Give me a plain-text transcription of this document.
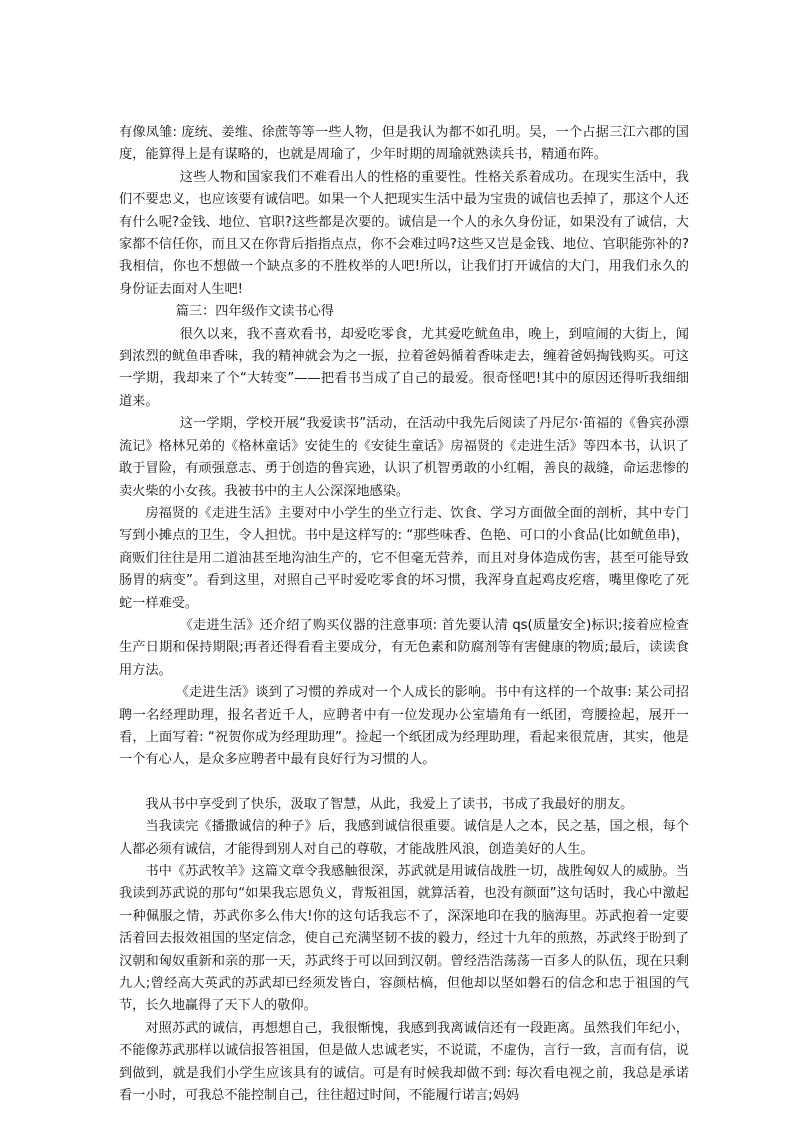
有像凤雏: 庞统、姜维、徐蔗等等一些人物，但是我认为都不如孔明。吴，一个占据三江六郡的国度，能算得上是有谋略的，也就是周瑜了，少年时期的周瑜就熟读兵书，精通布阵。

这些人物和国家我们不难看出人的性格的重要性。性格关系着成功。在现实生活中，我们不要忠义，也应该要有诚信吧。如果一个人把现实生活中最为宝贵的诚信也丢掉了，那这个人还有什么呢?金钱、地位、官职?这些都是次要的。诚信是一个人的永久身份证，如果没有了诚信，大家都不信任你，而且又在你背后指指点点，你不会难过吗?这些又岂是金钱、地位、官职能弥补的?我相信，你也不想做一个缺点多的不胜枚举的人吧!所以，让我们打开诚信的大门，用我们永久的身份证去面对人生吧!

篇三：四年级作文读书心得

很久以来，我不喜欢看书，却爱吃零食，尤其爱吃鱿鱼串，晚上，到喧闹的大街上，闻到浓烈的鱿鱼串香味，我的精神就会为之一振，拉着爸妈循着香味走去，缠着爸妈掏钱购买。可这一学期，我却来了个“大转变”——把看书当成了自己的最爱。很奇怪吧!其中的原因还得听我细细道来。

这一学期，学校开展“我爱读书”活动，在活动中我先后阅读了丹尼尔·笛福的《鲁宾孙漂流记》格林兄弟的《格林童话》安徒生的《安徒生童话》房福贤的《走进生活》等四本书，认识了敢于冒险，有顽强意志、勇于创造的鲁宾逊，认识了机智勇敢的小红帽，善良的裁缝，命运悲惨的卖火柴的小女孩。我被书中的主人公深深地感染。

房福贤的《走进生活》主要对中小学生的坐立行走、饮食、学习方面做全面的剖析，其中专门写到小摊点的卫生，令人担忧。书中是这样写的: “那些味香、色艳、可口的小食品(比如鱿鱼串)，商贩们往往是用二道油甚至地沟油生产的，它不但毫无营养，而且对身体造成伤害，甚至可能导致肠胃的病变”。看到这里，对照自己平时爱吃零食的坏习惯，我浑身直起鸡皮疙瘩，嘴里像吃了死蛇一样难受。

《走进生活》还介绍了购买仪器的注意事项: 首先要认清 qs(质量安全)标识;接着应检查生产日期和保持期限;再者还得看看主要成分，有无色素和防腐剂等有害健康的物质;最后，读读食用方法。

《走进生活》谈到了习惯的养成对一个人成长的影响。书中有这样的一个故事: 某公司招聘一名经理助理，报名者近千人，应聘者中有一位发现办公室墙角有一纸团，弯腰捡起，展开一看，上面写着: “祝贺你成为经理助理”。捡起一个纸团成为经理助理，看起来很荒唐，其实，他是一个有心人，是众多应聘者中最有良好行为习惯的人。

我从书中享受到了快乐，汲取了智慧，从此，我爱上了读书，书成了我最好的朋友。

当我读完《播撒诚信的种子》后，我感到诚信很重要。诚信是人之本，民之基，国之根，每个人都必须有诚信，才能得到别人对自己的尊敬，才能战胜风浪，创造美好的人生。

书中《苏武牧羊》这篇文章令我感触很深，苏武就是用诚信战胜一切，战胜匈奴人的威胁。当我读到苏武说的那句“如果我忘恩负义，背叛祖国，就算活着，也没有颜面”这句话时，我心中激起一种佩服之情，苏武你多么伟大!你的这句话我忘不了，深深地印在我的脑海里。苏武抱着一定要活着回去报效祖国的坚定信念，使自己充满坚韧不拔的毅力，经过十九年的煎熬，苏武终于盼到了汉朝和匈奴重新和亲的那一天，苏武终于可以回到汉朝。曾经浩浩荡荡一百多人的队伍，现在只剩九人;曾经高大英武的苏武却已经须发皆白，容颜枯槁，但他却以坚如磐石的信念和忠于祖国的气节，长久地赢得了天下人的敬仰。

对照苏武的诚信，再想想自己，我很惭愧，我感到我离诚信还有一段距离。虽然我们年纪小，不能像苏武那样以诚信报答祖国，但是做人忠诚老实，不说谎，不虚伪，言行一致，言而有信，说到做到，就是我们小学生应该具有的诚信。可是有时候我却做不到: 每次看电视之前，我总是承诺看一小时，可我总不能控制自己，往往超过时间，不能履行诺言;妈妈
